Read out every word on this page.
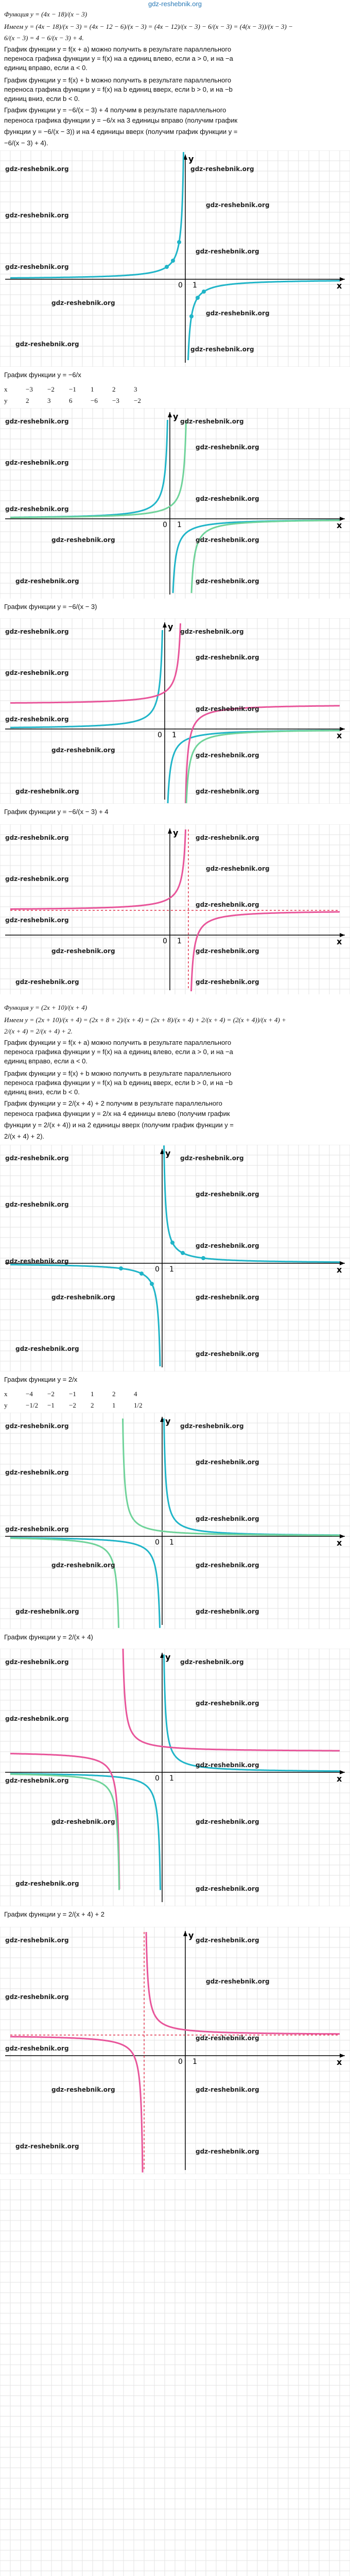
gdz-reshebnik.org
Функция y = (4x − 18)/(x − 3)
Имеем y = (4x − 18)/(x − 3) = (4x − 12 − 6)/(x − 3) = (4x − 12)/(x − 3) − 6/(x − 3) = (4(x − 3))/(x − 3) −
6/(x − 3) = 4 − 6/(x − 3) + 4.
График функции y = f(x + a) можно получить в результате параллельного
переноса графика функции y = f(x) на a единиц влево, если a > 0, и на −a
единиц вправо, если a < 0.
График функции y = f(x) + b можно получить в результате параллельного
переноса графика функции y = f(x) на b единиц вверх, если b > 0, и на −b
единиц вниз, если b < 0.
График функции y = −6/(x − 3) + 4 получим в результате параллельного
переноса графика функции y = −6/x на 3 единицы вправо (получим график
функции y = −6/(x − 3)) и на 4 единицы вверх (получим график функции y =
−6/(x − 3) + 4).
x
y
0 1
gdz-reshebnik.org	gdz-reshebnik.org
gdz-reshebnik.org
gdz-reshebnik.org
gdz-reshebnik.org
gdz-reshebnik.org
gdz-reshebnik.org
gdz-reshebnik.org
gdz-reshebnik.org
gdz-reshebnik.org
График функции y = −6/x
x	−3 −2 −1 1	2	3
y	2	3	6	−6 −3 −2
x
y
0 1
gdz-reshebnik.org	gdz-reshebnik.org
gdz-reshebnik.org
gdz-reshebnik.org
gdz-reshebnik.org
gdz-reshebnik.org
gdz-reshebnik.org	gdz-reshebnik.org
gdz-reshebnik.org	gdz-reshebnik.org
График функции y = −6/(x − 3)
x
y
0 1
gdz-reshebnik.org	gdz-reshebnik.org
gdz-reshebnik.org
gdz-reshebnik.org
gdz-reshebnik.org
gdz-reshebnik.org
gdz-reshebnik.org
gdz-reshebnik.org
gdz-reshebnik.org	gdz-reshebnik.org
График функции y = −6/(x − 3) + 4
x
y
0 1
gdz-reshebnik.org	gdz-reshebnik.org
gdz-reshebnik.org
gdz-reshebnik.org
gdz-reshebnik.org
gdz-reshebnik.org
gdz-reshebnik.org	gdz-reshebnik.org
gdz-reshebnik.org	gdz-reshebnik.org
Функция y = (2x + 10)/(x + 4)
Имеем y = (2x + 10)/(x + 4) = (2x + 8 + 2)/(x + 4) = (2x + 8)/(x + 4) + 2/(x + 4) = (2(x + 4))/(x + 4) +
2/(x + 4) = 2/(x + 4) + 2.
График функции y = f(x + a) можно получить в результате параллельного
переноса графика функции y = f(x) на a единиц влево, если a > 0, и на −a
единиц вправо, если a < 0.
График функции y = f(x) + b можно получить в результате параллельного
переноса графика функции y = f(x) на b единиц вверх, если b > 0, и на −b
единиц вниз, если b < 0.
График функции y = 2/(x + 4) + 2 получим в результате параллельного
переноса графика функции y = 2/x на 4 единицы влево (получим график
функции y = 2/(x + 4)) и на 2 единицы вверх (получим график функции y =
2/(x + 4) + 2).
x
y
0 1
gdz-reshebnik.org	gdz-reshebnik.org
gdz-reshebnik.org
gdz-reshebnik.org
gdz-reshebnik.org
gdz-reshebnik.org
gdz-reshebnik.org	gdz-reshebnik.org
gdz-reshebnik.org
gdz-reshebnik.org
График функции y = 2/x
x	−4 −2 −1 1	2	4
y	−1/2 −1 −2 2	1	1/2
x
y
0 1
gdz-reshebnik.org	gdz-reshebnik.org
gdz-reshebnik.org
gdz-reshebnik.org
gdz-reshebnik.org
gdz-reshebnik.org
gdz-reshebnik.org	gdz-reshebnik.org
gdz-reshebnik.org	gdz-reshebnik.org
График функции y = 2/(x + 4)
x
y
0 1
gdz-reshebnik.org	gdz-reshebnik.org
gdz-reshebnik.org
gdz-reshebnik.org
gdz-reshebnik.org
gdz-reshebnik.org
gdz-reshebnik.org	gdz-reshebnik.org
gdz-reshebnik.org
gdz-reshebnik.org
График функции y = 2/(x + 4) + 2
x
y
0 1
gdz-reshebnik.org	gdz-reshebnik.org
gdz-reshebnik.org
gdz-reshebnik.org
gdz-reshebnik.org
gdz-reshebnik.org
gdz-reshebnik.org	gdz-reshebnik.org
gdz-reshebnik.org
gdz-reshebnik.org
